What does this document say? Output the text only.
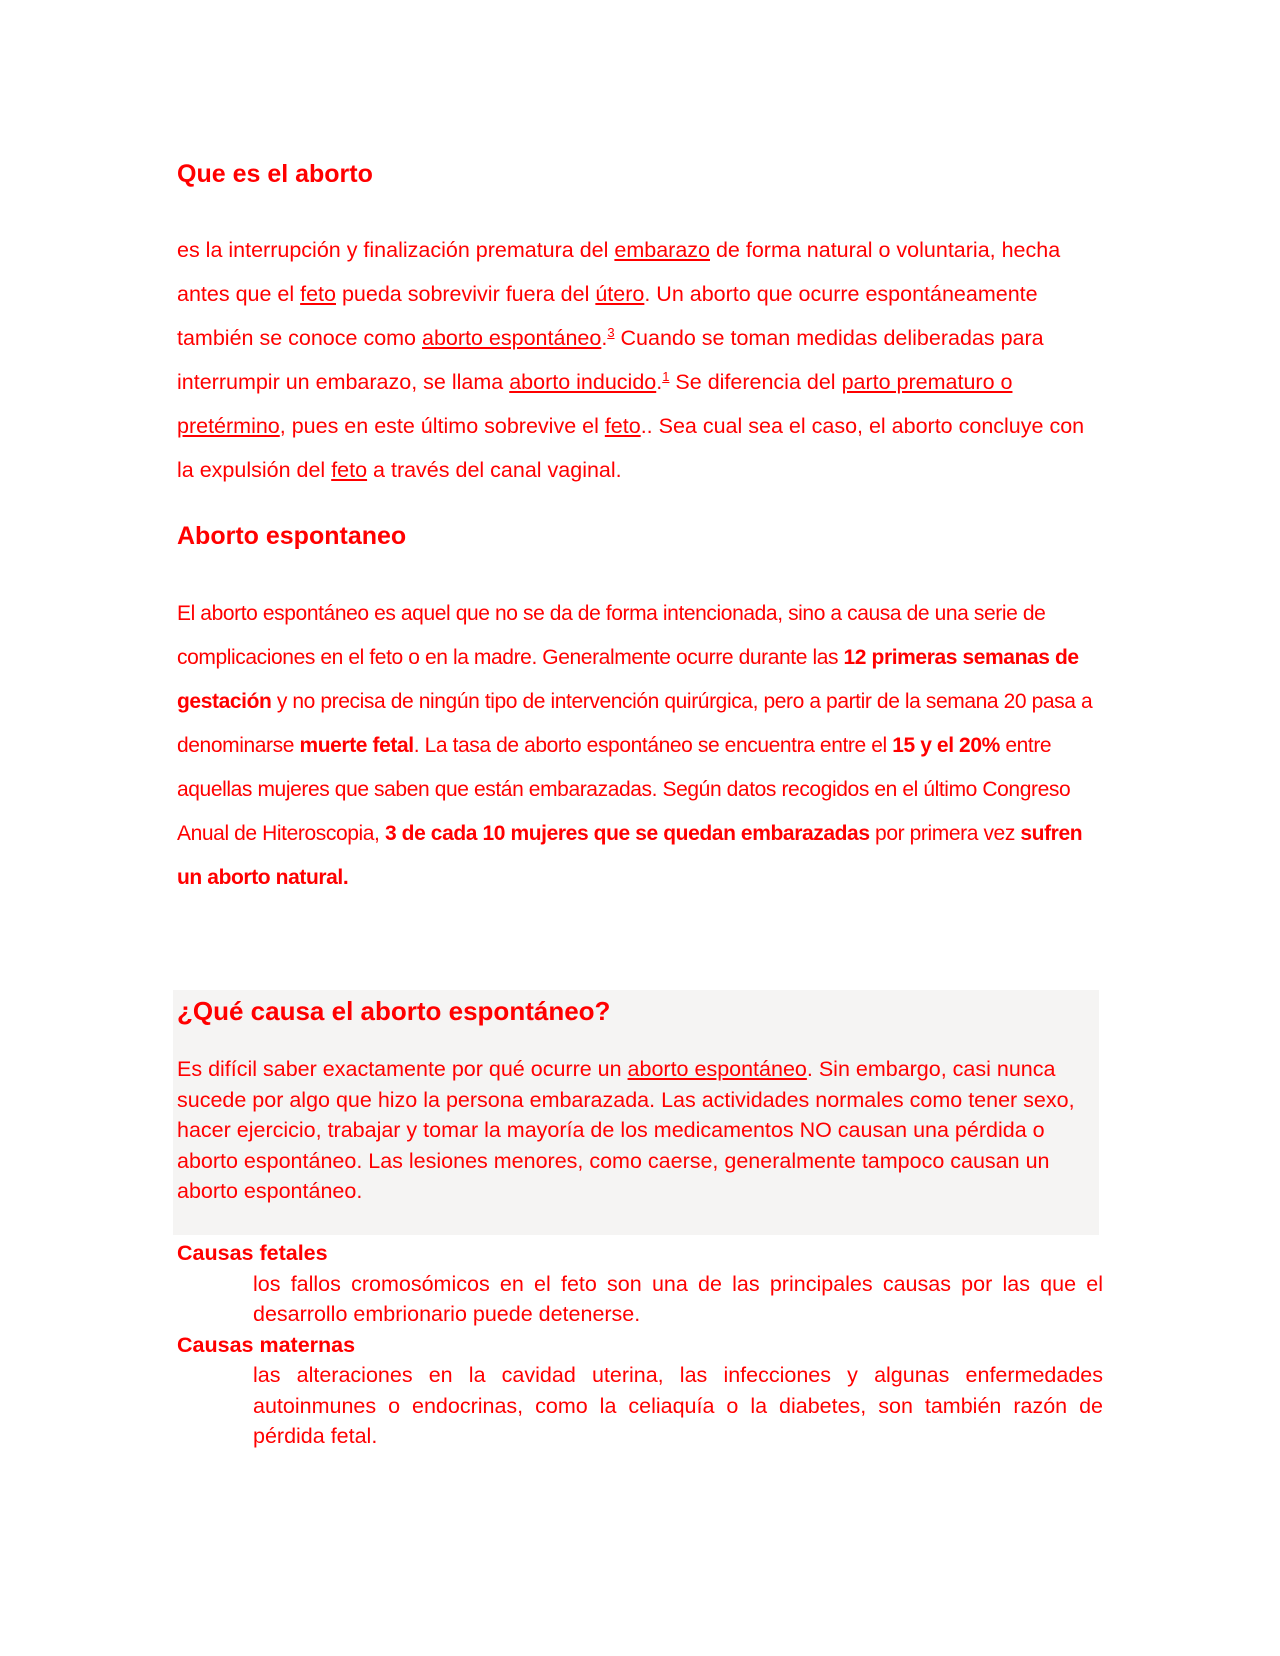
Que es el aborto

es la interrupción y finalización prematura del embarazo de forma natural o voluntaria, hecha antes que el feto pueda sobrevivir fuera del útero. Un aborto que ocurre espontáneamente también se conoce como aborto espontáneo.$^3$ Cuando se toman medidas deliberadas para interrumpir un embarazo, se llama aborto inducido.$^1$ Se diferencia del parto prematuro o pretérmino, pues en este último sobrevive el feto.. Sea cual sea el caso, el aborto concluye con la expulsión del feto a través del canal vaginal.

Aborto espontaneo

El aborto espontáneo es aquel que no se da de forma intencionada, sino a causa de una serie de complicaciones en el feto o en la madre. Generalmente ocurre durante las 12 primeras semanas de gestación y no precisa de ningún tipo de intervención quirúrgica, pero a partir de la semana 20 pasa a denominarse muerte fetal. La tasa de aborto espontáneo se encuentra entre el 15 y el 20% entre aquellas mujeres que saben que están embarazadas. Según datos recogidos en el último Congreso Anual de Hiteroscopia, 3 de cada 10 mujeres que se quedan embarazadas por primera vez sufren un aborto natural.

¿Qué causa el aborto espontáneo?

Es difícil saber exactamente por qué ocurre un aborto espontáneo. Sin embargo, casi nunca sucede por algo que hizo la persona embarazada. Las actividades normales como tener sexo, hacer ejercicio, trabajar y tomar la mayoría de los medicamentos NO causan una pérdida o aborto espontáneo. Las lesiones menores, como caerse, generalmente tampoco causan un aborto espontáneo.

Causas fetales
los fallos cromosómicos en el feto son una de las principales causas por las que el desarrollo embrionario puede detenerse.
Causas maternas
las alteraciones en la cavidad uterina, las infecciones y algunas enfermedades autoinmunes o endocrinas, como la celiaquía o la diabetes, son también razón de pérdida fetal.
